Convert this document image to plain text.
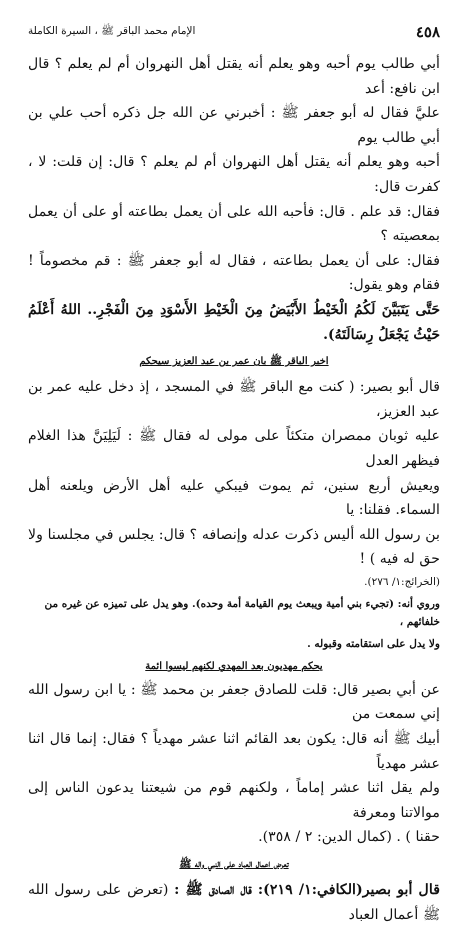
٤٥٨
الإمام محمد الباقر ﷺ ، السيرة الكاملة

أبي طالب يوم أحبه وهو يعلم أنه يقتل أهل النهروان أم لم يعلم ؟ قال ابن نافع: أعد

عليَّ فقال له أبو جعفر ﷺ : أخبرني عن الله جل ذكره أحب علي بن أبي طالب يوم

أحبه وهو يعلم أنه يقتل أهل النهروان أم لم يعلم ؟ قال: إن قلت: لا ، كفرت قال:

فقال: قد علم . قال: فأحبه الله على أن يعمل بطاعته أو على أن يعمل بمعصيته ؟

فقال: على أن يعمل بطاعته ، فقال له أبو جعفر ﷺ : قم مخصوماً ! فقام وهو يقول:

حَتَّى يَتَبَيَّنَ لَكُمُ الْخَيْطُ الأَبْيَضُ مِنَ الْخَيْطِ الأَسْوَدِ مِنَ الْفَجْرِ.. اللهُ أَعْلَمُ حَيْثُ يَجْعَلُ رِسَالَتَهُ).

اخبر الباقر ﷺ بان عمر بن عبد العزيز سيحكم

قال أبو بصير: ( كنت مع الباقر ﷺ في المسجد ، إذ دخل عليه عمر بن عبد العزيز،

عليه ثوبان ممصران متكئاً على مولى له فقال ﷺ : لَيَلِيَنَّ هذا الغلام فيظهر العدل

ويعيش أربع سنين، ثم يموت فيبكي عليه أهل الأرض ويلعنه أهل السماء. فقلنا: يا

بن رسول الله أليس ذكرت عدله وإنصافه ؟ قال: يجلس في مجلسنا ولا حق له فيه ) !

(الخرائج:١/ ٢٧٦).

وروي أنه: (تجيء بني أمية ويبعث يوم القيامة أمة وحده). وهو يدل على تميزه عن غيره من خلفائهم ،

ولا يدل على استقامته وقبوله .

يحكم مهديون بعد المهدي لكنهم ليسوا ائمة

عن أبي بصير قال: قلت للصادق جعفر بن محمد ﷺ : يا ابن رسول الله إني سمعت من

أبيك ﷺ أنه قال: يكون بعد القائم اثنا عشر مهدياً ؟ فقال: إنما قال اثنا عشر مهدياً

ولم يقل اثنا عشر إماماً ، ولكنهم قوم من شيعتنا يدعون الناس إلى موالاتنا ومعرفة

حقنا ) . (كمال الدين: ٢ / ٣٥٨).

تعرض اعمال العباد على النبي واله ﷺ

قال أبو بصير(الكافي:١/ ٢١٩): قال الصادق ﷺ : (تعرض على رسول الله ﷺ أعمال العباد
